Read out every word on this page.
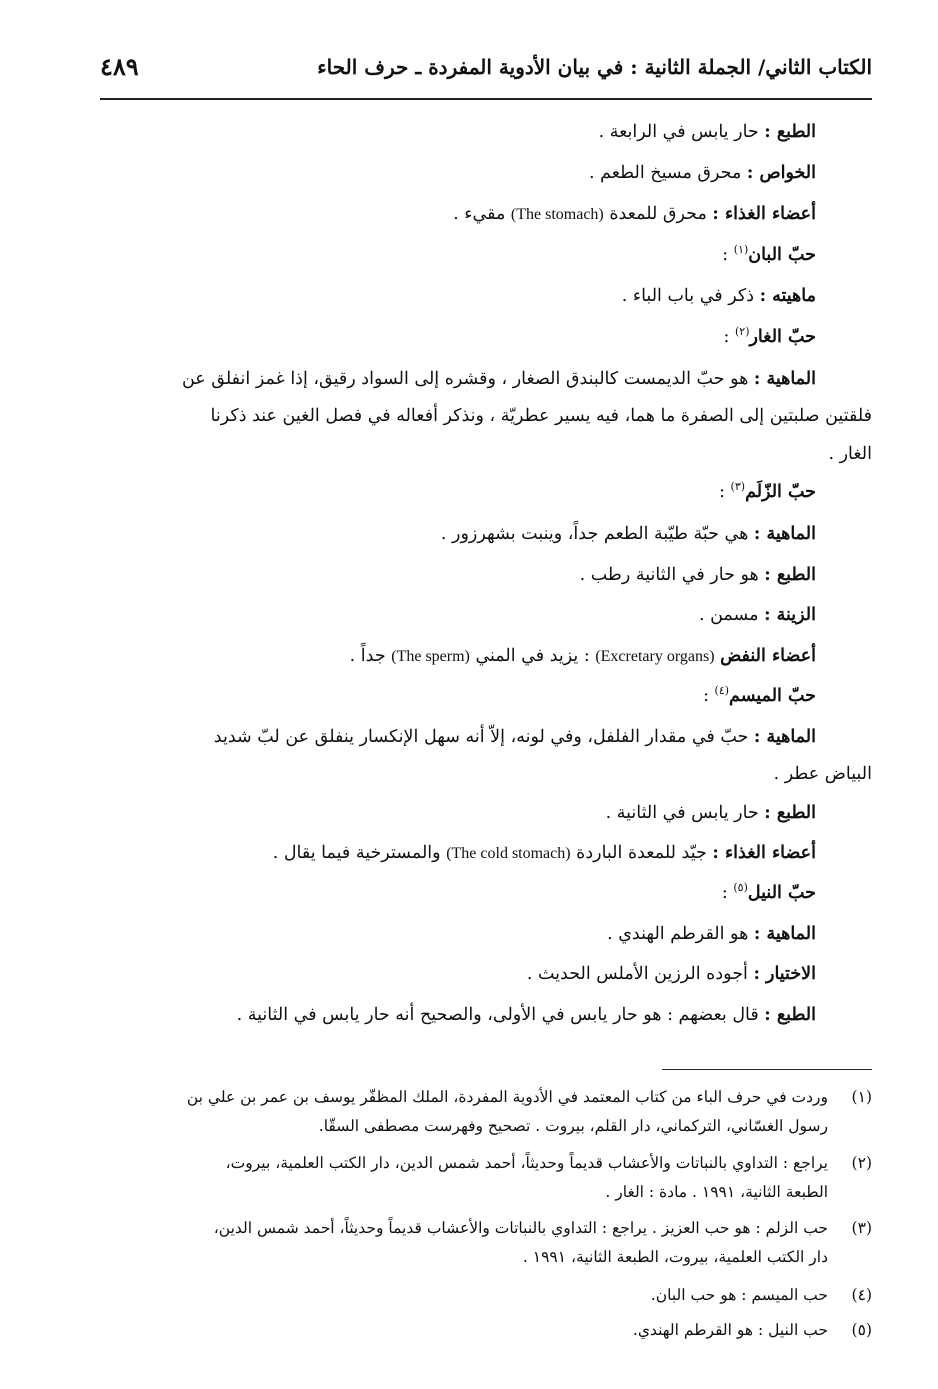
الكتاب الثاني/ الجملة الثانية : في بيان الأدوية المفردة ـ حرف الحاء
٤٨٩
الطبع : حار يابس في الرابعة .
الخواص : محرق مسيخ الطعم .
أعضاء الغذاء : محرق للمعدة (The stomach) مقيء .
حبّ البان$^{(١)}$ :
ماهيته : ذكر في باب الباء .
حبّ الغار$^{(٢)}$ :
الماهية : هو حبّ الديمست كالبندق الصغار ، وقشره إلى السواد رقيق، إذا غمز انفلق عن
فلقتين صلبتين إلى الصفرة ما هما، فيه يسير عطريّة ، ونذكر أفعاله في فصل الغين عند ذكرنا
الغار .
حبّ الزّلَم$^{(٣)}$ :
الماهية : هي حبّة طيّبة الطعم جداً، وينبت بشهرزور .
الطبع : هو حار في الثانية رطب .
الزينة : مسمن .
أعضاء النفض (Excretary organs) : يزيد في المني (The sperm) جداً .
حبّ الميسم$^{(٤)}$ :
الماهية : حبّ في مقدار الفلفل، وفي لونه، إلاّ أنه سهل الإنكسار ينفلق عن لبّ شديد
البياض عطر .
الطبع : حار يابس في الثانية .
أعضاء الغذاء : جيّد للمعدة الباردة (The cold stomach) والمسترخية فيما يقال .
حبّ النيل$^{(٥)}$ :
الماهية : هو القرطم الهندي .
الاختيار : أجوده الرزين الأملس الحديث .
الطبع : قال بعضهم : هو حار يابس في الأولى، والصحيح أنه حار يابس في الثانية .
(١)وردت في حرف الباء من كتاب المعتمد في الأدوية المفردة، الملك المظفّر يوسف بن عمر بن علي بن
رسول الغسّاني، التركماني، دار القلم، بيروت . تصحيح وفهرست مصطفى السقّا.
(٢)يراجع : التداوي بالنباتات والأعشاب قديماً وحديثاً، أحمد شمس الدين، دار الكتب العلمية، بيروت،
الطبعة الثانية، ١٩٩١ . مادة : الغار .
(٣)حب الزلم : هو حب العزيز . يراجع : التداوي بالنباتات والأعشاب قديماً وحديثاً، أحمد شمس الدين،
دار الكتب العلمية، بيروت، الطبعة الثانية، ١٩٩١ .
(٤)حب الميسم : هو حب البان.
(٥)حب النيل : هو القرطم الهندي.
